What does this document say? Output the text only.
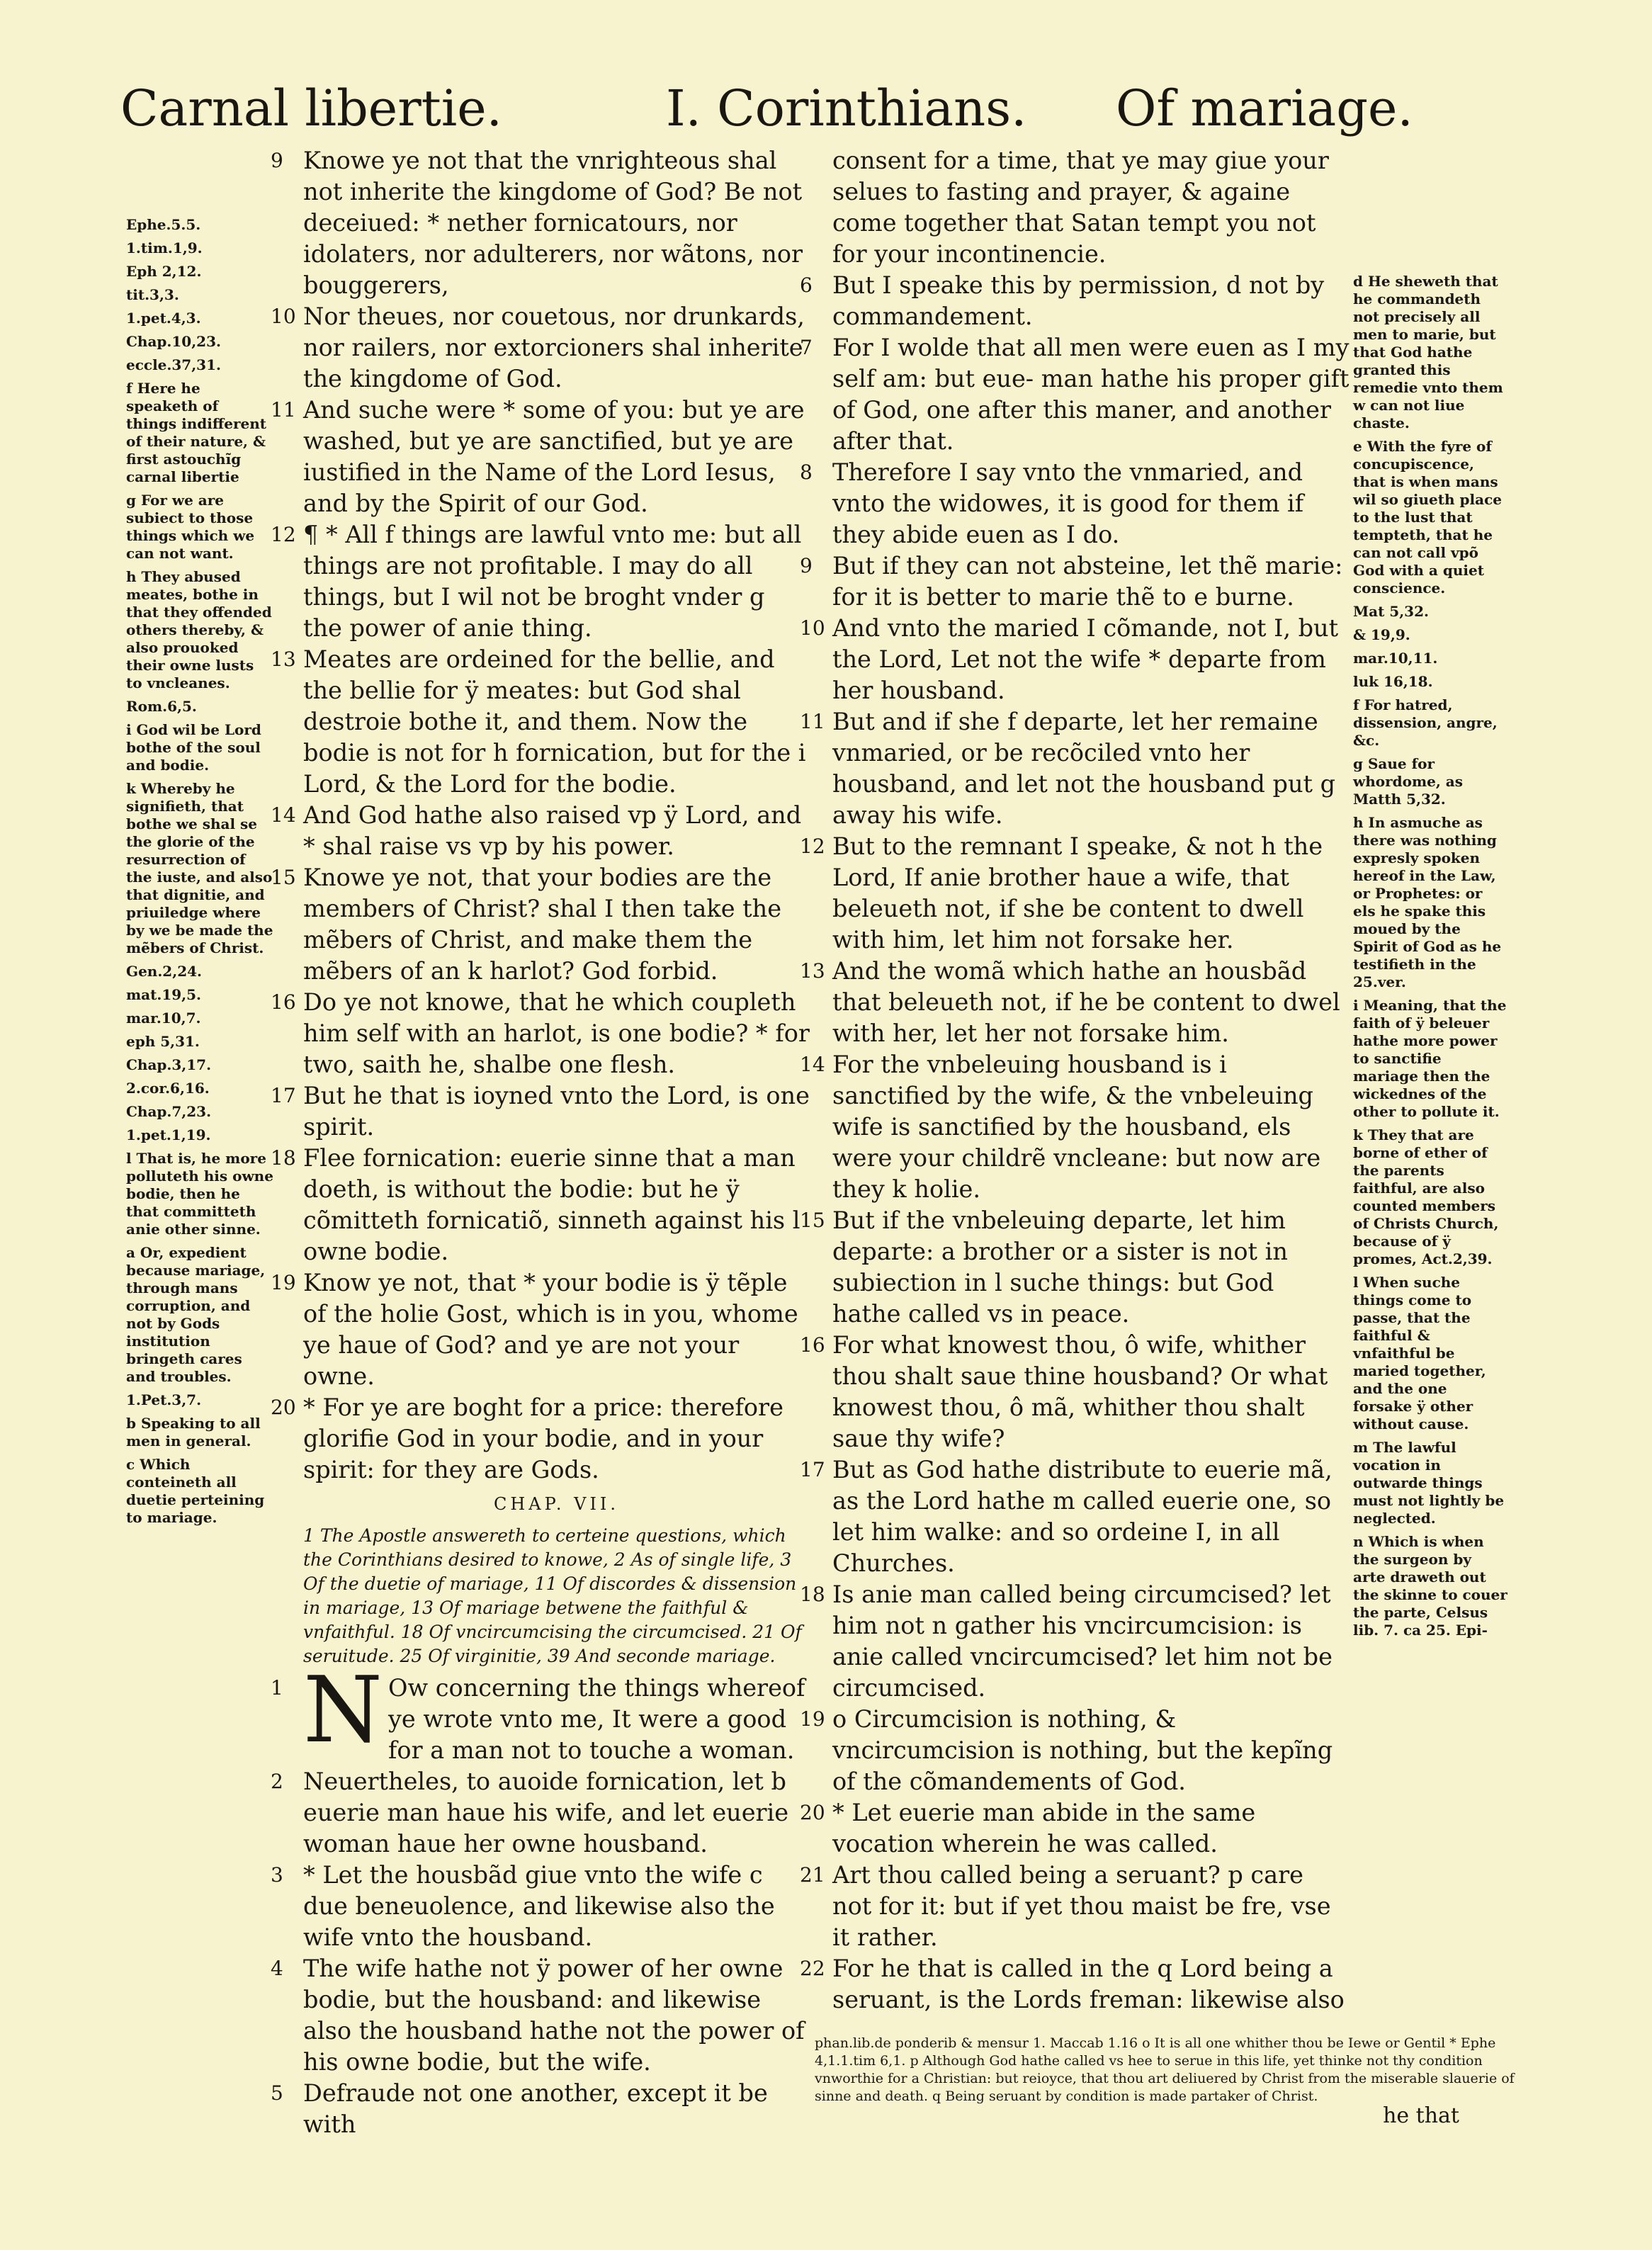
Carnal libertie.	I. Corinthians. Of mariage.

Ephe.5.5.

1.tim.1,9.

Eph 2,12.

tit.3,3.

1.pet.4,3.

Chap.10,23.

eccle.37,31.

f Here he speaketh of things indifferent of their nature, & first astouchĩg carnal libertie

g For we are subiect to those things which we can not want.

h They abused meates, bothe in that they offended others thereby, & also prouoked their owne lusts to vncleanes.

Rom.6,5.

i God wil be Lord bothe of the soul and bodie.

k Whereby he signifieth, that bothe we shal se the glorie of the resurrection of the iuste, and also that dignitie, and priuiledge where by we be made the mẽbers of Christ.

Gen.2,24.

mat.19,5.

mar.10,7.

eph 5,31.

Chap.3,17.

2.cor.6,16.

Chap.7,23.

1.pet.1,19.

l That is, he more polluteth his owne bodie, then he that committeth anie other sinne.

a Or, expedient because mariage, through mans corruption, and not by Gods institution bringeth cares and troubles.

1.Pet.3,7.

b Speaking to all men in general.

c Which conteineth all duetie perteining to mariage.

9 Knowe ye not that the vnrighteous shal not inherite the kingdome of God? Be not deceiued: * nether fornicatours, nor idolaters, nor adulterers, nor wãtons, nor bouggerers,

10 Nor theues, nor couetous, nor drunkards, nor railers, nor extorcioners shal inherite the kingdome of God.

11 And suche were * some of you: but ye are washed, but ye are sanctified, but ye are iustified in the Name of the Lord Iesus, and by the Spirit of our God.

12 ¶ * All f things are lawful vnto me: but all things are not profitable. I may do all things, but I wil not be broght vnder g the power of anie thing.

13 Meates are ordeined for the bellie, and the bellie for ÿ meates: but God shal destroie bothe it, and them. Now the bodie is not for h fornication, but for the i Lord, & the Lord for the bodie.

14 And God hathe also raised vp ÿ Lord, and * shal raise vs vp by his power.

15 Knowe ye not, that your bodies are the members of Christ? shal I then take the mẽbers of Christ, and make them the mẽbers of an k harlot? God forbid.

16 Do ye not knowe, that he which coupleth him self with an harlot, is one bodie? * for two, saith he, shalbe one flesh.

17 But he that is ioyned vnto the Lord, is one spirit.

18 Flee fornication: euerie sinne that a man doeth, is without the bodie: but he ÿ cõmitteth fornicatiõ, sinneth against his l owne bodie.

19 Know ye not, that * your bodie is ÿ tẽple of the holie Gost, which is in you, whome ye haue of God? and ye are not your owne.

20 * For ye are boght for a price: therefore glorifie God in your bodie, and in your spirit: for they are Gods.

CHAP. VII.
1 The Apostle answereth to certeine questions, which the Corinthians desired to knowe, 2 As of single life, 3 Of the duetie of mariage, 11 Of discordes & dissension in mariage, 13 Of mariage betwene the faithful & vnfaithful. 18 Of vncircumcising the circumcised. 21 Of seruitude. 25 Of virginitie, 39 And seconde mariage.

1 N Ow concerning the things whereof ye wrote vnto me, It were a good for a man not to touche a woman.

2 Neuertheles, to auoide fornication, let b euerie man haue his wife, and let euerie woman haue her owne housband.

3 * Let the housbãd giue vnto the wife c due beneuolence, and likewise also the wife vnto the housband.

4 The wife hathe not ÿ power of her owne bodie, but the housband: and likewise also the housband hathe not the power of his owne bodie, but the wife.

5 Defraude not one another, except it be with

consent for a time, that ye may giue your selues to fasting and prayer, & againe come together that Satan tempt you not for your incontinencie.

6 But I speake this by permission, d not by commandement.

7 For I wolde that all men were euen as I my self am: but eue- man hathe his proper gift of God, one after this maner, and another after that.

8 Therefore I say vnto the vnmaried, and vnto the widowes, it is good for them if they abide euen as I do.

9 But if they can not absteine, let thẽ marie: for it is better to marie thẽ to e burne.

10 And vnto the maried I cõmande, not I, but the Lord, Let not the wife * departe from her housband.

11 But and if she f departe, let her remaine vnmaried, or be recõciled vnto her housband, and let not the housband put g away his wife.

12 But to the remnant I speake, & not h the Lord, If anie brother haue a wife, that beleueth not, if she be content to dwell with him, let him not forsake her.

13 And the womã which hathe an housbãd that beleueth not, if he be content to dwel with her, let her not forsake him.

14 For the vnbeleuing housband is i sanctified by the wife, & the vnbeleuing wife is sanctified by the housband, els were your childrẽ vncleane: but now are they k holie.

15 But if the vnbeleuing departe, let him departe: a brother or a sister is not in subiection in l suche things: but God hathe called vs in peace.

16 For what knowest thou, ô wife, whither thou shalt saue thine housband? Or what knowest thou, ô mã, whither thou shalt saue thy wife?

17 But as God hathe distribute to euerie mã, as the Lord hathe m called euerie one, so let him walke: and so ordeine I, in all Churches.

18 Is anie man called being circumcised? let him not n gather his vncircumcision: is anie called vncircumcised? let him not be circumcised.

19 o Circumcision is nothing, & vncircumcision is nothing, but the kepĩng of the cõmandements of God.

20 * Let euerie man abide in the same vocation wherein he was called.

21 Art thou called being a seruant? p care not for it: but if yet thou maist be fre, vse it rather.

22 For he that is called in the q Lord being a seruant, is the Lords freman: likewise also

d He sheweth that he commandeth not precisely all men to marie, but that God hathe granted this remedie vnto them w can not liue chaste.

e With the fyre of concupiscence, that is when mans wil so giueth place to the lust that tempteth, that he can not call vpõ God with a quiet conscience.

Mat 5,32.

& 19,9.

mar.10,11.

luk 16,18.

f For hatred, dissension, angre, &c.

g Saue for whordome, as Matth 5,32.

h In asmuche as there was nothing expresly spoken hereof in the Law, or Prophetes: or els he spake this moued by the Spirit of God as he testifieth in the 25.ver.

i Meaning, that the faith of ÿ beleuer hathe more power to sanctifie mariage then the wickednes of the other to pollute it.

k They that are borne of ether of the parents faithful, are also counted members of Christs Church, because of ÿ promes, Act.2,39.

l When suche things come to passe, that the faithful & vnfaithful be maried together, and the one forsake ÿ other without cause.

m The lawful vocation in outwarde things must not lightly be neglected.

n Which is when the surgeon by arte draweth out the skinne to couer the parte, Celsus lib. 7. ca 25. Epi-

phan.lib.de ponderib & mensur 1. Maccab 1.16 o It is all one whither thou be Iewe or Gentil * Ephe 4,1.1.tim 6,1. p Although God hathe called vs hee to serue in this life, yet thinke not thy condition vnworthie for a Christian: but reioyce, that thou art deliuered by Christ from the miserable slauerie of sinne and death. q Being seruant by condition is made partaker of Christ.
he that
